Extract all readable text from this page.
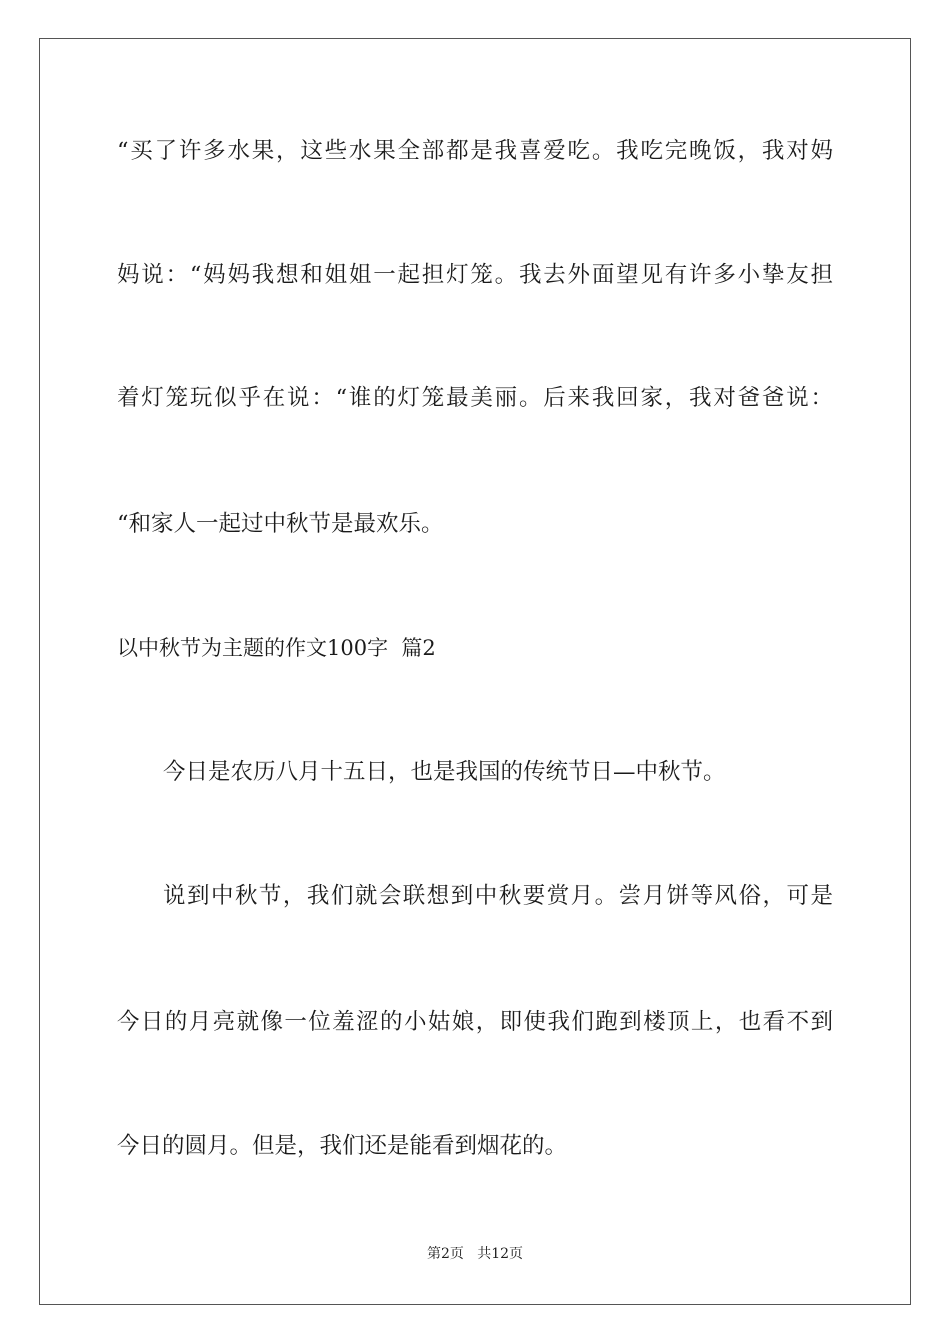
“买了许多水果，这些水果全部都是我喜爱吃。我吃完晚饭，我对妈

妈说：“妈妈我想和姐姐一起担灯笼。我去外面望见有许多小挚友担

着灯笼玩似乎在说：“谁的灯笼最美丽。后来我回家，我对爸爸说：

“和家人一起过中秋节是最欢乐。

以中秋节为主题的作文100字  篇2

今日是农历八月十五日，也是我国的传统节日—中秋节。

说到中秋节，我们就会联想到中秋要赏月。尝月饼等风俗，可是

今日的月亮就像一位羞涩的小姑娘，即使我们跑到楼顶上，也看不到

今日的圆月。但是，我们还是能看到烟花的。

第2页   共12页
